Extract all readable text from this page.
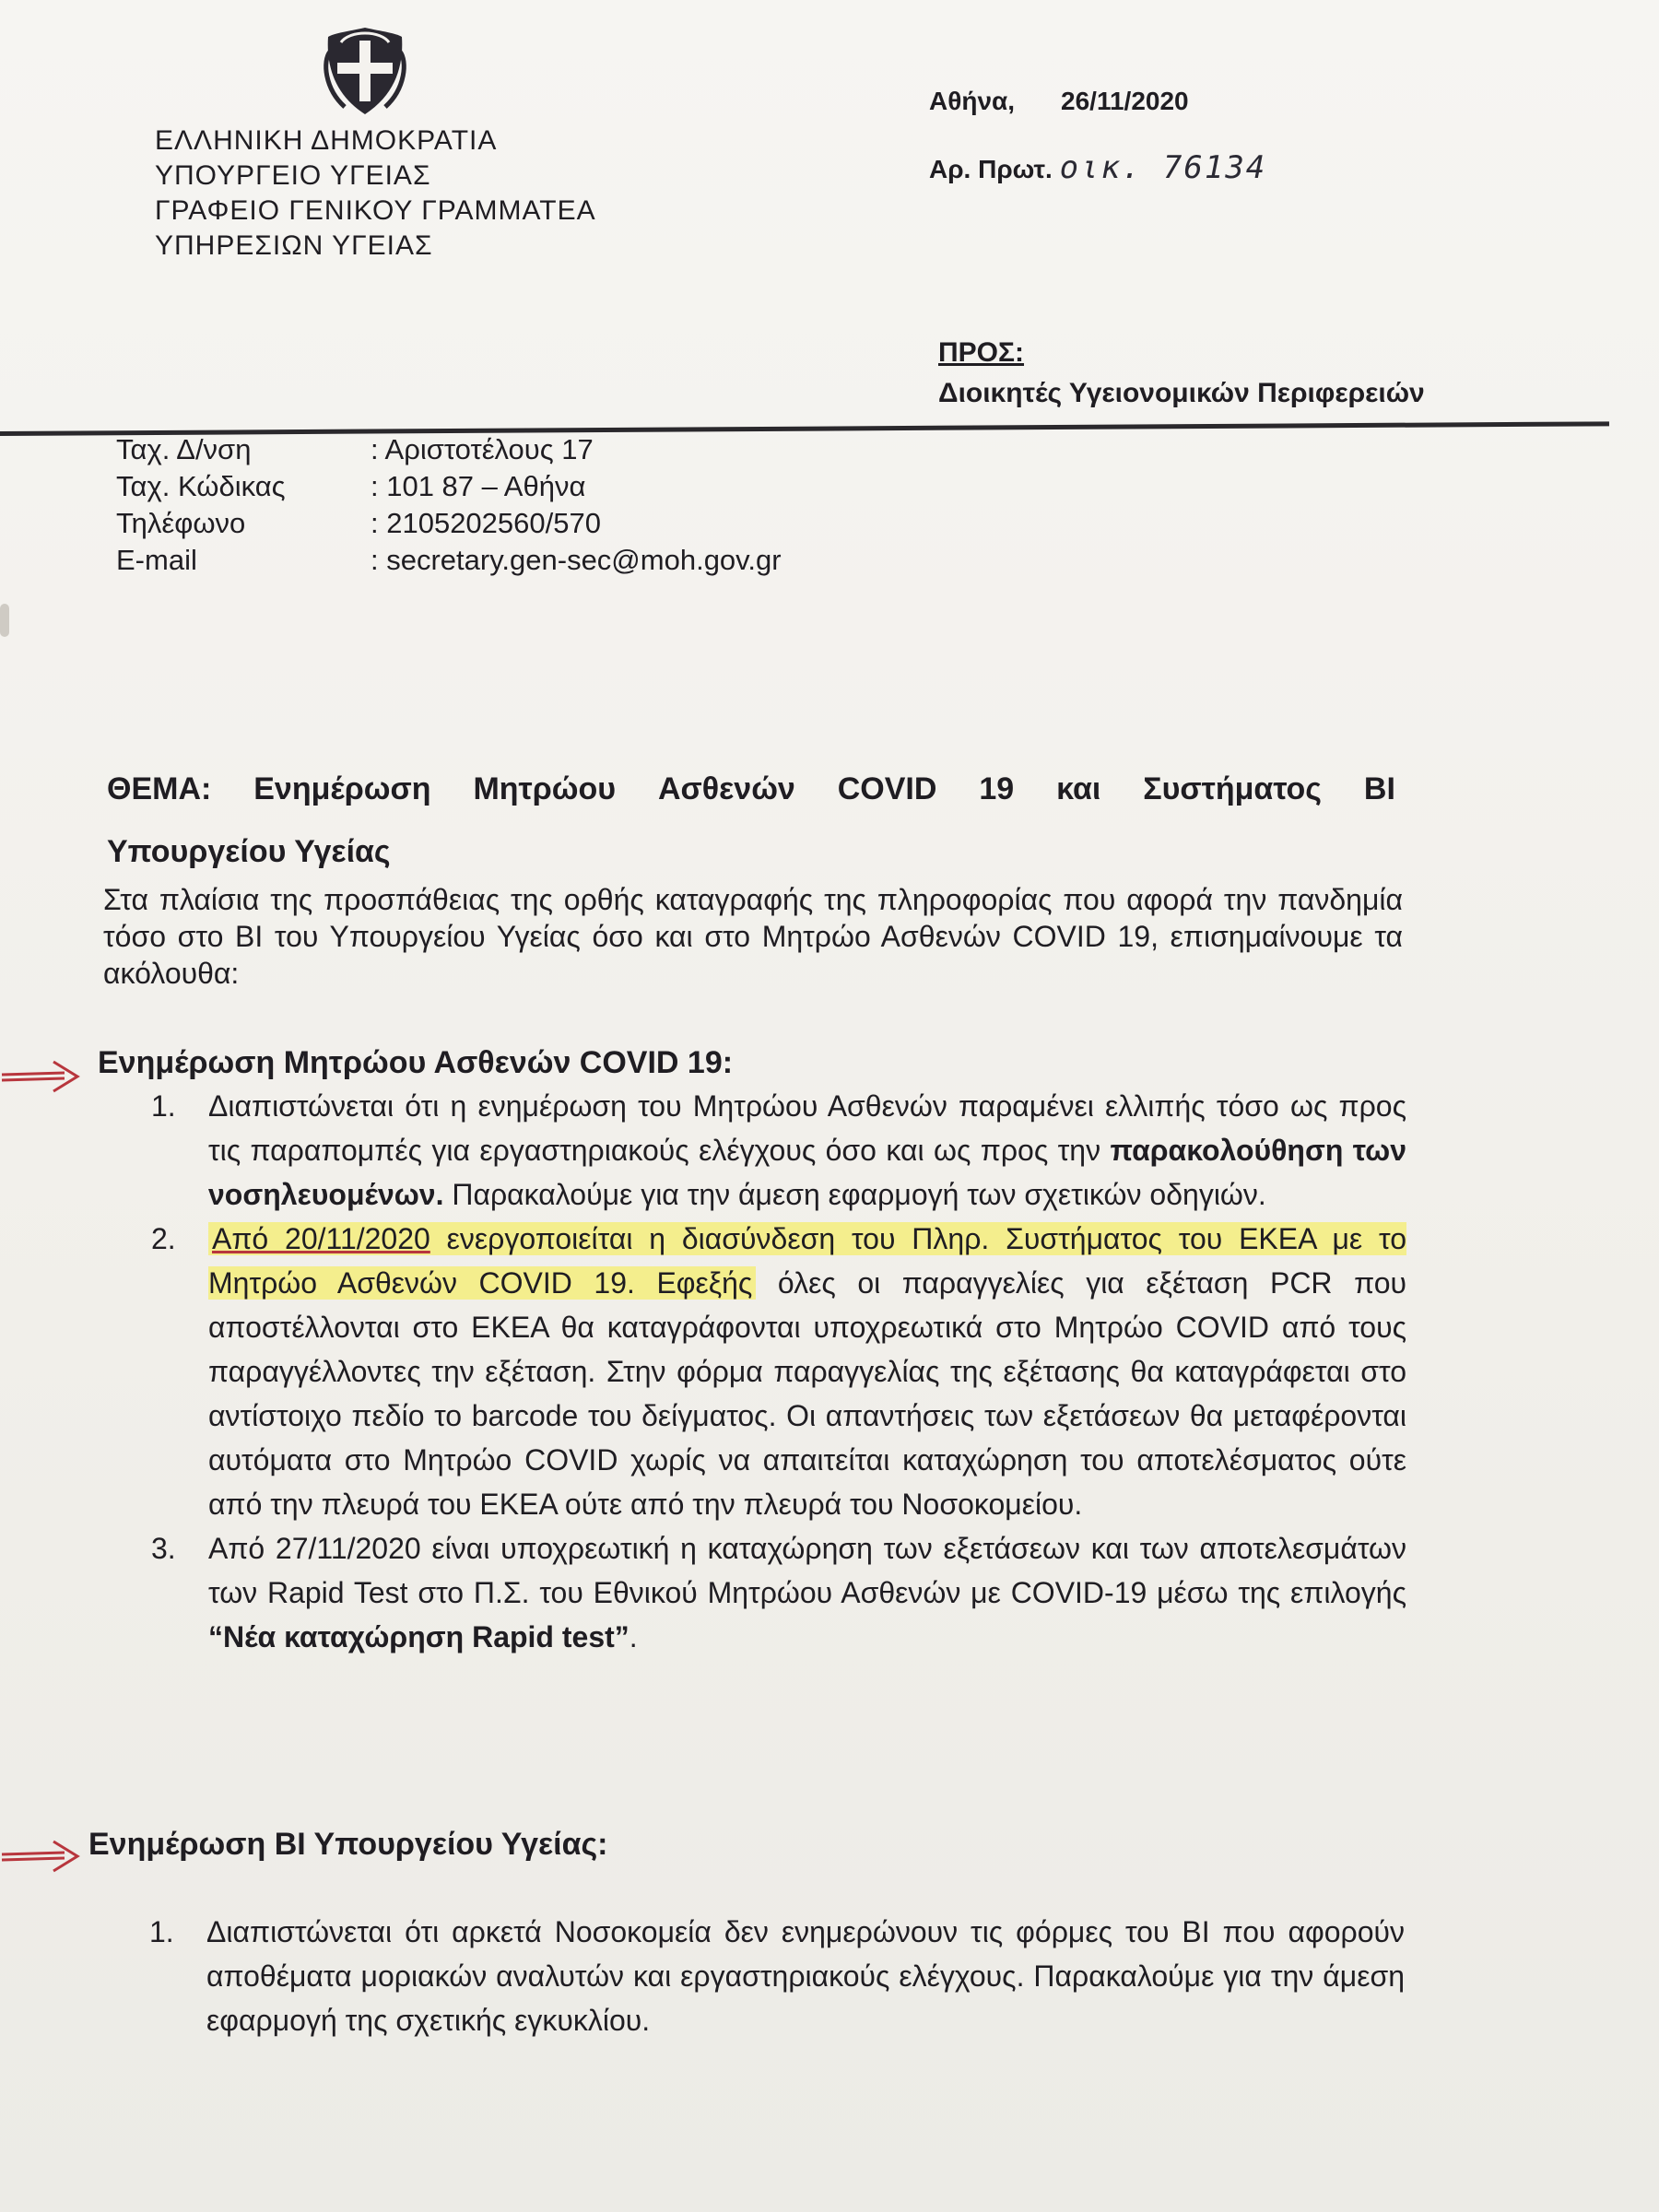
ΕΛΛΗΝΙΚΗ ΔΗΜΟΚΡΑΤΙΑ
ΥΠΟΥΡΓΕΙΟ ΥΓΕΙΑΣ
ΓΡΑΦΕΙΟ ΓΕΝΙΚΟΥ ΓΡΑΜΜΑΤΕΑ
ΥΠΗΡΕΣΙΩΝ ΥΓΕΙΑΣ
Αθήνα, 26/11/2020
Αρ. Πρωτ. οικ. 76134
ΠΡΟΣ:
Διοικητές Υγειονομικών Περιφερειών
Ταχ. Δ/νση	: Αριστοτέλους 17
Ταχ. Κώδικας	: 101 87 – Αθήνα
Τηλέφωνο	: 2105202560/570
E-mail	: secretary.gen-sec@moh.gov.gr
ΘΕΜΑ: Ενημέρωση Μητρώου Ασθενών COVID 19 και Συστήματος ΒΙ
Υπουργείου Υγείας
Στα πλαίσια της προσπάθειας της ορθής καταγραφής της πληροφορίας που αφορά την πανδημία τόσο στο ΒΙ του Υπουργείου Υγείας όσο και στο Μητρώο Ασθενών COVID 19, επισημαίνουμε τα ακόλουθα:
Ενημέρωση Μητρώου Ασθενών COVID 19:
1. Διαπιστώνεται ότι η ενημέρωση του Μητρώου Ασθενών παραμένει ελλιπής τόσο ως προς τις παραπομπές για εργαστηριακούς ελέγχους όσο και ως προς την παρακολούθηση των νοσηλευομένων. Παρακαλούμε για την άμεση εφαρμογή των σχετικών οδηγιών.
2. Από 20/11/2020 ενεργοποιείται η διασύνδεση του Πληρ. Συστήματος του ΕΚΕΑ με το Μητρώο Ασθενών COVID 19. Εφεξής όλες οι παραγγελίες για εξέταση PCR που αποστέλλονται στο ΕΚΕΑ θα καταγράφονται υποχρεωτικά στο Μητρώο COVID από τους παραγγέλλοντες την εξέταση. Στην φόρμα παραγγελίας της εξέτασης θα καταγράφεται στο αντίστοιχο πεδίο το barcode του δείγματος. Οι απαντήσεις των εξετάσεων θα μεταφέρονται αυτόματα στο Μητρώο COVID χωρίς να απαιτείται καταχώρηση του αποτελέσματος ούτε από την πλευρά του ΕΚΕΑ ούτε από την πλευρά του Νοσοκομείου.
3. Από 27/11/2020 είναι υποχρεωτική η καταχώρηση των εξετάσεων και των αποτελεσμάτων των Rapid Test στο Π.Σ. του Εθνικού Μητρώου Ασθενών με COVID-19 μέσω της επιλογής “Νέα καταχώρηση Rapid test”.
Ενημέρωση ΒΙ Υπουργείου Υγείας:
1. Διαπιστώνεται ότι αρκετά Νοσοκομεία δεν ενημερώνουν τις φόρμες του ΒΙ που αφορούν αποθέματα μοριακών αναλυτών και εργαστηριακούς ελέγχους. Παρακαλούμε για την άμεση εφαρμογή της σχετικής εγκυκλίου.
